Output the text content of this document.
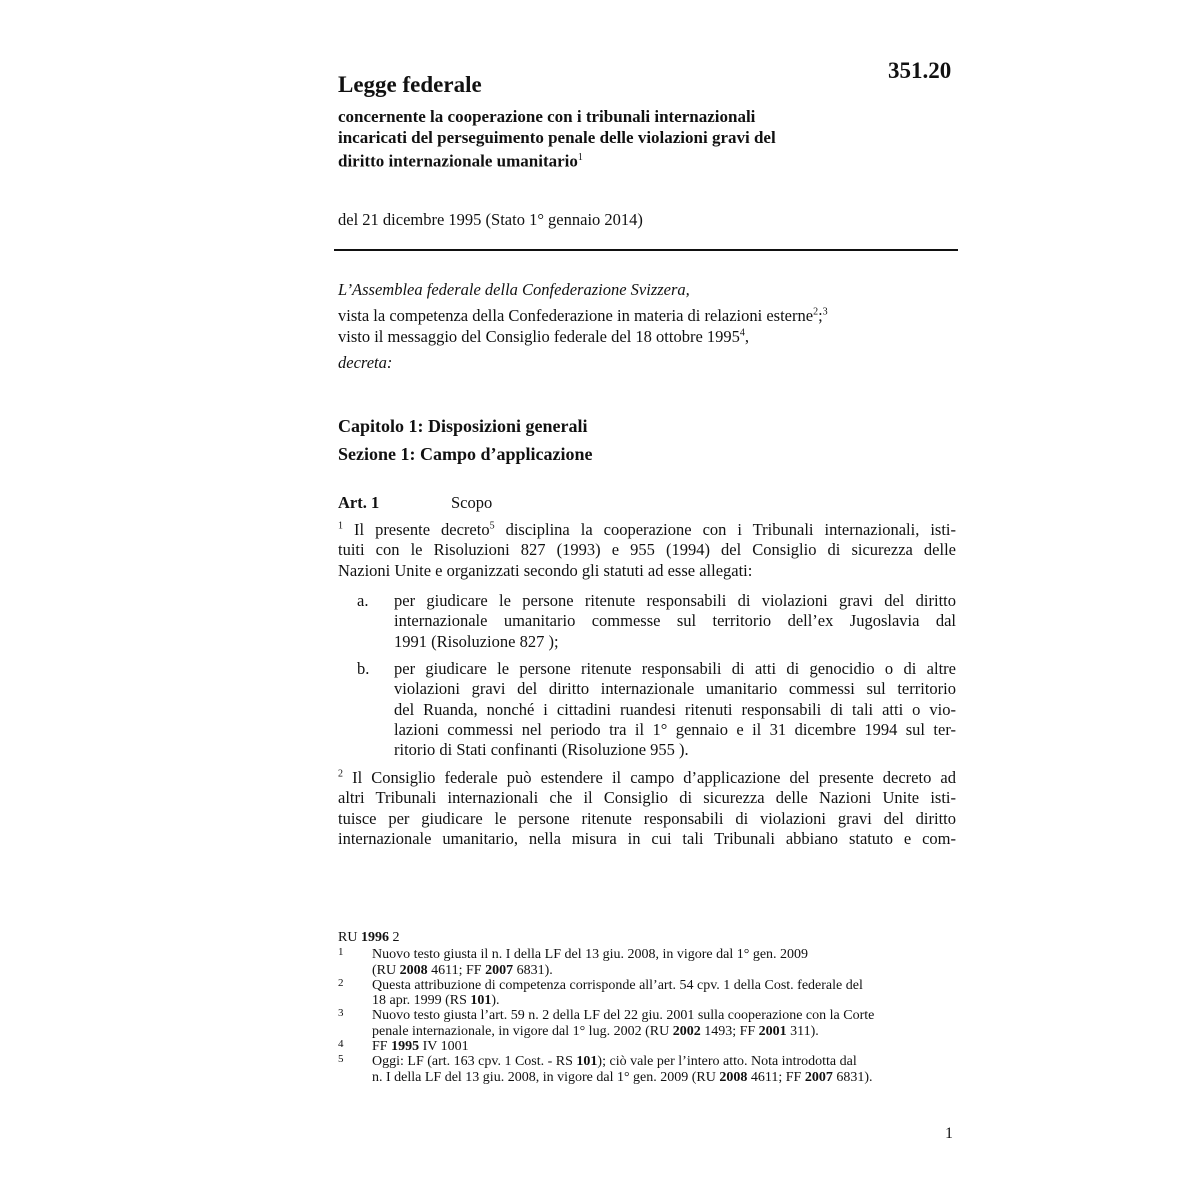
351.20
Legge federale
concernente la cooperazione con i tribunali internazionali
incaricati del perseguimento penale delle violazioni gravi del
diritto internazionale umanitario$^1$
del 21 dicembre 1995 (Stato 1° gennaio 2014)
L’Assemblea federale della Confederazione Svizzera,
vista la competenza della Confederazione in materia di relazioni esterne$^2$;$^3$
visto il messaggio del Consiglio federale del 18 ottobre 1995$^4$,
decreta:
Capitolo 1: Disposizioni generali
Sezione 1: Campo d’applicazione
Art. 1	Scopo
$^1$ Il presente decreto$^5$ disciplina la cooperazione con i Tribunali internazionali, isti-
tuiti con le Risoluzioni 827 (1993) e 955 (1994) del Consiglio di sicurezza delle
Nazioni Unite e organizzati secondo gli statuti ad esse allegati:
a. per giudicare le persone ritenute responsabili di violazioni gravi del diritto
internazionale umanitario commesse sul territorio dell’ex Jugoslavia dal
1991 (Risoluzione 827 );
b. per giudicare le persone ritenute responsabili di atti di genocidio o di altre
violazioni gravi del diritto internazionale umanitario commessi sul territorio
del Ruanda, nonché i cittadini ruandesi ritenuti responsabili di tali atti o vio-
lazioni commessi nel periodo tra il 1° gennaio e il 31 dicembre 1994 sul ter-
ritorio di Stati confinanti (Risoluzione 955 ).
$^2$ Il Consiglio federale può estendere il campo d’applicazione del presente decreto ad
altri Tribunali internazionali che il Consiglio di sicurezza delle Nazioni Unite isti-
tuisce per giudicare le persone ritenute responsabili di violazioni gravi del diritto
internazionale umanitario, nella misura in cui tali Tribunali abbiano statuto e com-
RU 1996 2
1 Nuovo testo giusta il n. I della LF del 13 giu. 2008, in vigore dal 1° gen. 2009
(RU 2008 4611; FF 2007 6831).
2 Questa attribuzione di competenza corrisponde all’art. 54 cpv. 1 della Cost. federale del
18 apr. 1999 (RS 101).
3 Nuovo testo giusta l’art. 59 n. 2 della LF del 22 giu. 2001 sulla cooperazione con la Corte
penale internazionale, in vigore dal 1° lug. 2002 (RU 2002 1493; FF 2001 311).
4 FF 1995 IV 1001
5 Oggi: LF (art. 163 cpv. 1 Cost. - RS 101); ciò vale per l’intero atto. Nota introdotta dal
n. I della LF del 13 giu. 2008, in vigore dal 1° gen. 2009 (RU 2008 4611; FF 2007 6831).
1
